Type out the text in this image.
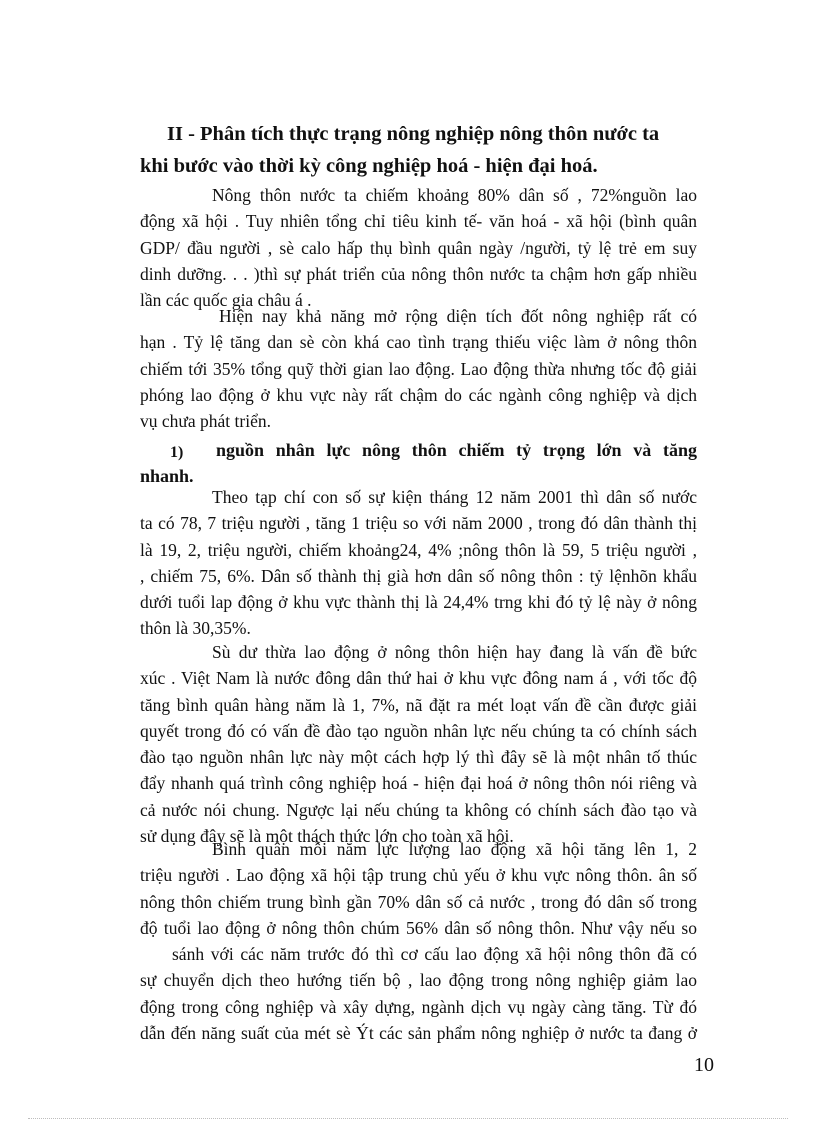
II - Phân tích thực trạng nông nghiệp nông thôn nước ta
khi bước vào thời kỳ công nghiệp hoá - hiện đại hoá.

Nông thôn nước ta chiếm khoảng 80% dân số , 72%nguồn lao
động xã hội . Tuy nhiên tổng chỉ tiêu kinh tế- văn hoá - xã hội (bình quân
GDP/ đầu người , sè calo hấp thụ bình quân ngày /người, tỷ lệ trẻ em suy
dinh dưỡng. . . )thì sự phát triển của nông thôn nước ta chậm hơn gấp nhiều
lần các quốc gia châu á .

Hiện nay khả năng mở rộng diện tích đốt nông nghiệp rất có
hạn . Tỷ lệ tăng dan sè còn khá cao tình trạng thiếu việc làm ở nông thôn
chiếm tới 35% tổng quỹ thời gian lao động. Lao động thừa nhưng tốc độ giải
phóng lao động ở khu vực này rất chậm do các ngành công nghiệp và dịch
vụ chưa phát triển.

1) nguồn nhân lực nông thôn chiếm tỷ trọng lớn và tăng
nhanh.

Theo tạp chí con số sự kiện tháng 12 năm 2001 thì dân số nước
ta có 78, 7 triệu người , tăng 1 triệu so với năm 2000 , trong đó dân thành thị
là 19, 2, triệu người, chiếm khoảng24, 4% ;nông thôn là 59, 5 triệu người ,
, chiếm 75, 6%. Dân số thành thị già hơn dân số nông thôn : tỷ lệnhõn khẩu
dưới tuổi lap động ở khu vực thành thị là 24,4% trng khi đó tỷ lệ này ở nông
thôn là 30,35%.

Sù dư thừa lao động ở nông thôn hiện hay đang là vấn đề bức
xúc . Việt Nam là nước đông dân thứ hai ở khu vực đông nam á , với tốc độ
tăng bình quân hàng năm là 1, 7%, nã đặt ra mét loạt vấn đề cần được giải
quyết trong đó có vấn đề đào tạo nguồn nhân lực nếu chúng ta có chính sách
đào tạo nguồn nhân lực này một cách hợp lý thì đây sẽ là một nhân tố thúc
đẩy nhanh quá trình công nghiệp hoá - hiện đại hoá ở nông thôn nói riêng và
cả nước nói chung. Ngược lại nếu chúng ta không có chính sách đào tạo và
sử dụng đây sẽ là một thách thức lớn cho toàn xã hội.

Bình quân mỗi năm lực lượng lao động xã hội tăng lên 1, 2
triệu người . Lao động xã hội tập trung chủ yếu ở khu vực nông thôn. ân số
nông thôn chiếm trung bình gần 70% dân số cả nước , trong đó dân số trong
độ tuổi lao động ở nông thôn chúm 56% dân số nông thôn. Như vậy nếu so
sánh với các năm trước đó thì cơ cấu lao động xã hội nông thôn đã có
sự chuyển dịch theo hướng tiến bộ , lao động trong nông nghiệp giảm lao
động trong công nghiệp và xây dựng, ngành dịch vụ ngày càng tăng. Từ đó
dẫn đến năng suất của mét sè Ýt các sản phẩm nông nghiệp ở nước ta đang ở

10
